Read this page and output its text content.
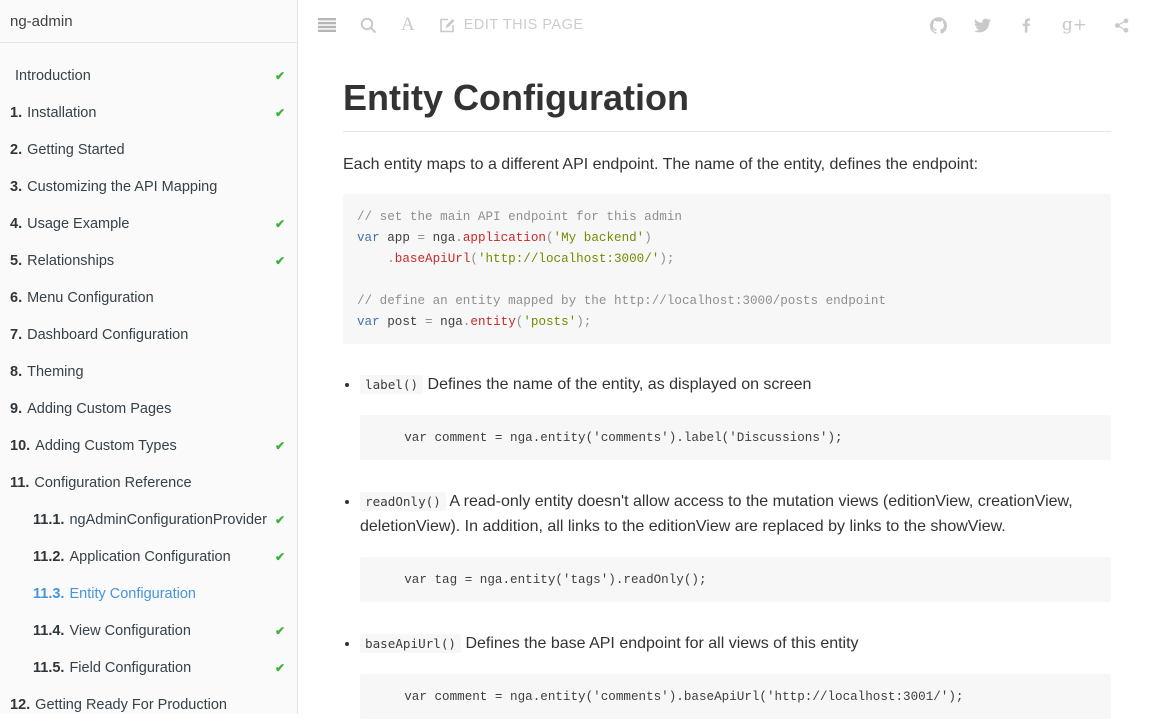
ng-admin
Introduction	✔
1. Installation	✔
2. Getting Started
3. Customizing the API Mapping
4. Usage Example	✔
5. Relationships	✔
6. Menu Configuration
7. Dashboard Configuration
8. Theming
9. Adding Custom Pages
10. Adding Custom Types	✔
11. Configuration Reference
11.1. ngAdminConfigurationProvider ✔
11.2. Application Configuration	✔
11.3. Entity Configuration
11.4. View Configuration	✔
11.5. Field Configuration	✔
12. Getting Ready For Production
A	EDIT THIS PAGE	g+
Entity Configuration

Each entity maps to a different API endpoint. The name of the entity, defines the endpoint:

// set the main API endpoint for this admin
var app = nga.application('My backend')
.baseApiUrl('http://localhost:3000/');

// define an entity mapped by the http://localhost:3000/posts endpoint
var post = nga.entity('posts');

• label() Defines the name of the entity, as displayed on screen
var comment = nga.entity('comments').label('Discussions');
• readOnly() A read-only entity doesn't allow access to the mutation views (editionView, creationView, deletionView). In addition, all links to the editionView are replaced by links to the showView.
var tag = nga.entity('tags').readOnly();
• baseApiUrl() Defines the base API endpoint for all views of this entity
var comment = nga.entity('comments').baseApiUrl('http://localhost:3001/');
